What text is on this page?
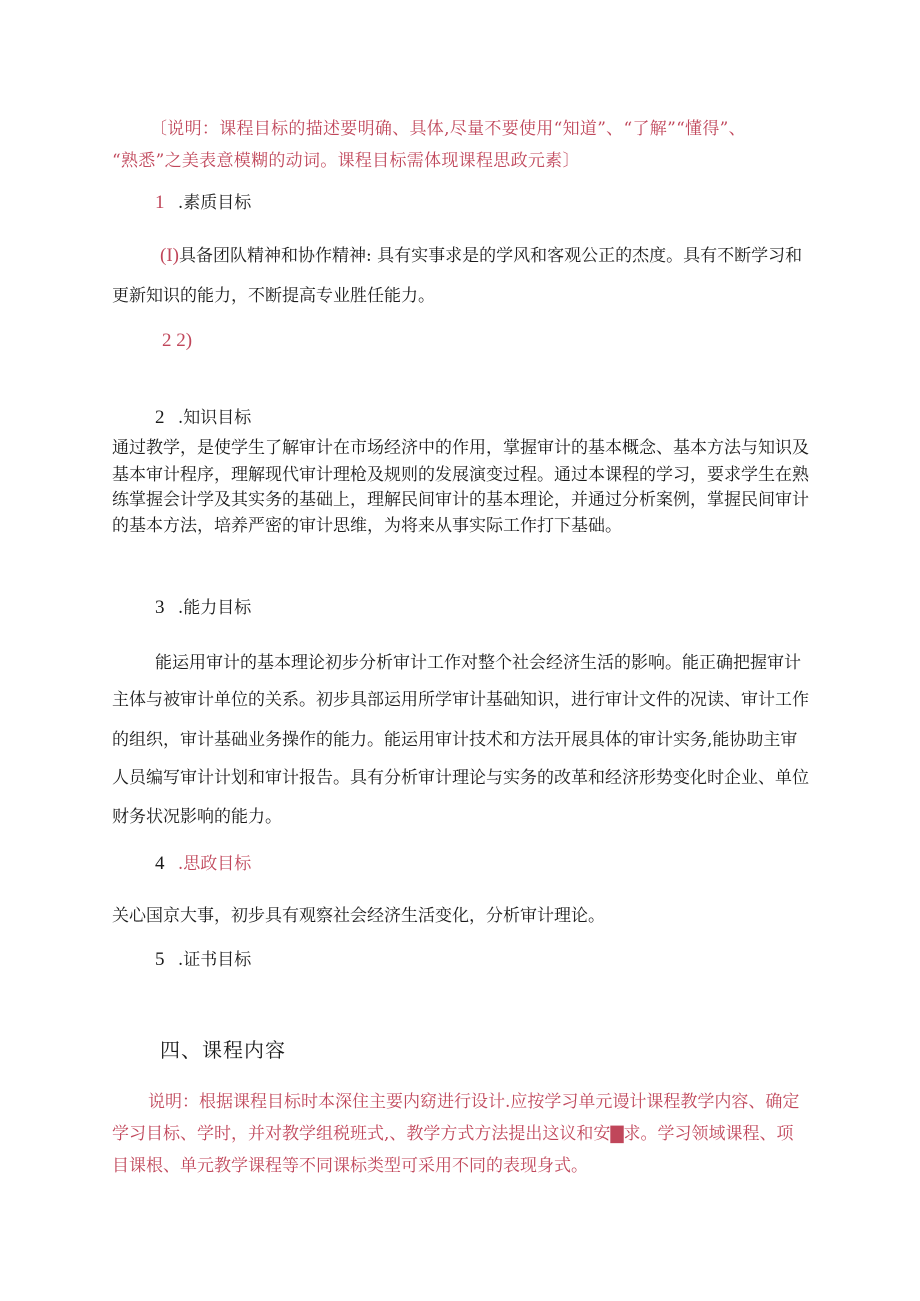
〔说明：课程目标的描述要明确、具体,尽量不要使用“知道”、“了解”“懂得”、
“熟悉”之美表意模糊的动词。课程目标需体现课程思政元素〕
1 .素质目标
(I)具备团队精神和协作精神: 具有实事求是的学风和客观公正的杰度。具有不断学习和
更新知识的能力，不断提高专业胜任能力。
2 2)
2 .知识目标
通过教学，是使学生了解审计在市场经济中的作用，掌握审计的基本概念、基本方法与知识及
基本审计程序，理解现代审计理枪及规则的发展演变过程。通过本课程的学习，要求学生在熟
练掌握会计学及其实务的基础上，理解民间审计的基本理论，并通过分析案例，掌握民间审计
的基本方法，培养严密的审计思维，为将来从事实际工作打下基础。
3 .能力目标
能运用审计的基本理论初步分析审计工作对整个社会经济生活的影响。能正确把握审计
主体与被审计单位的关系。初步具部运用所学审计基础知识，进行审计文件的况读、审计工作
的组织，审计基础业务操作的能力。能运用审计技术和方法开展具体的审计实务,能协助主审
人员编写审计计划和审计报告。具有分析审计理论与实务的改革和经济形势变化时企业、单位
财务状况影响的能力。
4 .思政目标
关心国京大事，初步具有观察社会经济生活变化，分析审计理论。
5 .证书目标
四、课程内容
说明：根据课程目标时本深住主要内窈进行设计.应按学习单元谩计课程教学内容、确定
学习目标、学时，并对教学组税班式,、教学方式方法提出这议和安▇求。学习领域课程、项
目课根、单元教学课程等不同课标类型可采用不同的表现身式。
